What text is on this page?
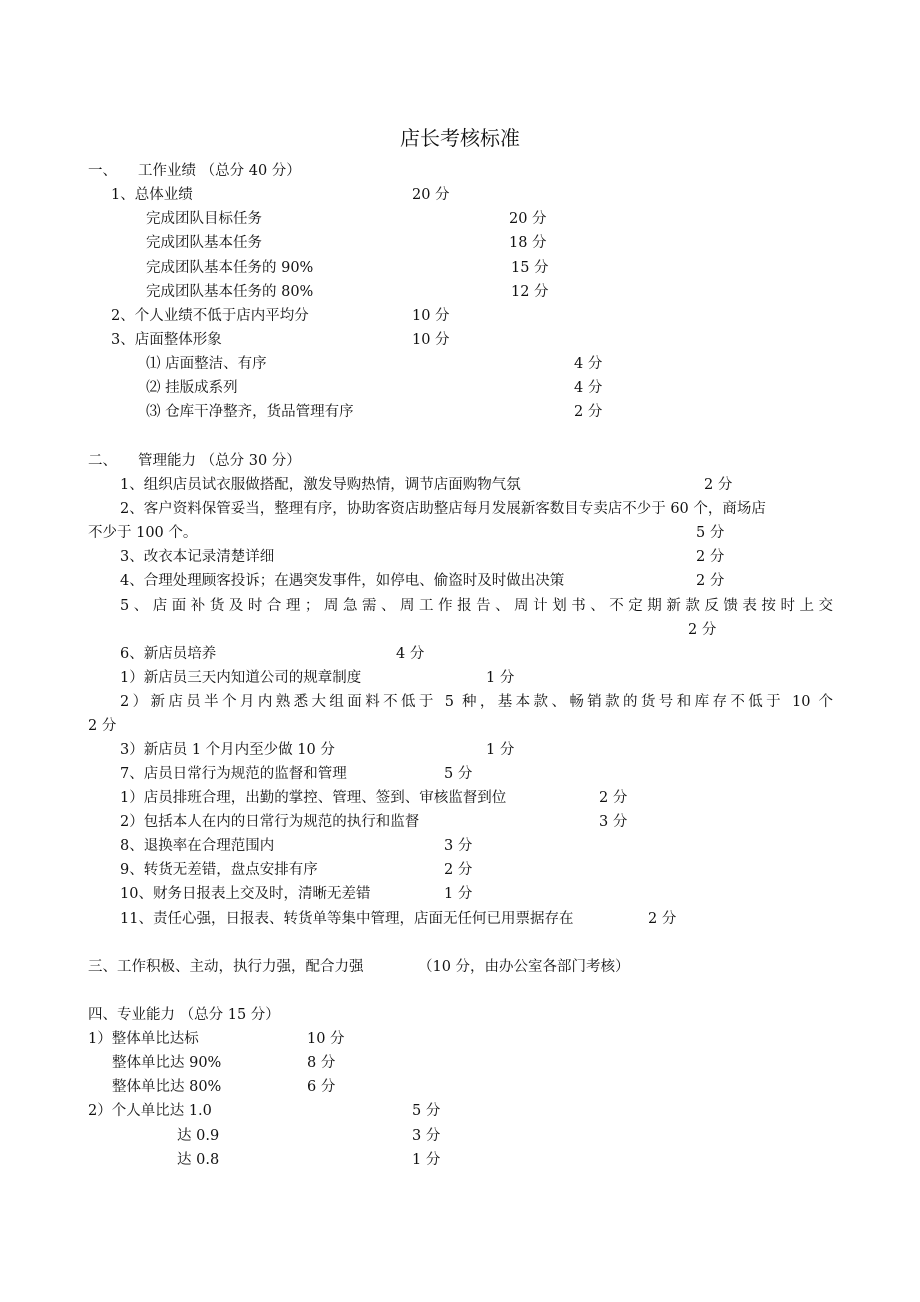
店长考核标准
一、 工作业绩 （总分 40 分）
1、总体业绩	20 分
完成团队目标任务	20 分
完成团队基本任务	18 分
完成团队基本任务的 90%	15 分
完成团队基本任务的 80%	12 分
2、个人业绩不低于店内平均分	10 分
3、店面整体形象	10 分
⑴ 店面整洁、有序	4 分
⑵ 挂版成系列	4 分
⑶ 仓库干净整齐，货品管理有序	2 分
二、 管理能力 （总分 30 分）
1、组织店员试衣服做搭配，激发导购热情，调节店面购物气氛	2 分
2、客户资料保管妥当，整理有序，协助客资店助整店每月发展新客数目专卖店不少于 60 个，商场店
不少于 100 个。	5 分
3、改衣本记录清楚详细	2 分
4、合理处理顾客投诉；在遇突发事件，如停电、偷盗时及时做出决策	2 分
5、店面补货及时合理；周急需、周工作报告、周计划书、不定期新款反馈表按时上交
2 分
6、新店员培养	4 分
1）新店员三天内知道公司的规章制度	1 分
2）新店员半个月内熟悉大组面料不低于 5 种，基本款、畅销款的货号和库存不低于 10 个
2 分
3）新店员 1 个月内至少做 10 分	1 分
7、店员日常行为规范的监督和管理	5 分
1）店员排班合理，出勤的掌控、管理、签到、审核监督到位	2 分
2）包括本人在内的日常行为规范的执行和监督	3 分
8、退换率在合理范围内	3 分
9、转货无差错，盘点安排有序	2 分
10、财务日报表上交及时，清晰无差错	1 分
11、责任心强，日报表、转货单等集中管理，店面无任何已用票据存在	2 分
三、工作积极、主动，执行力强，配合力强	（10 分，由办公室各部门考核）
四、专业能力 （总分 15 分）
1）整体单比达标	10 分
整体单比达 90%	8 分
整体单比达 80%	6 分
2）个人单比达 1.0	5 分
达 0.9	3 分
达 0.8	1 分
